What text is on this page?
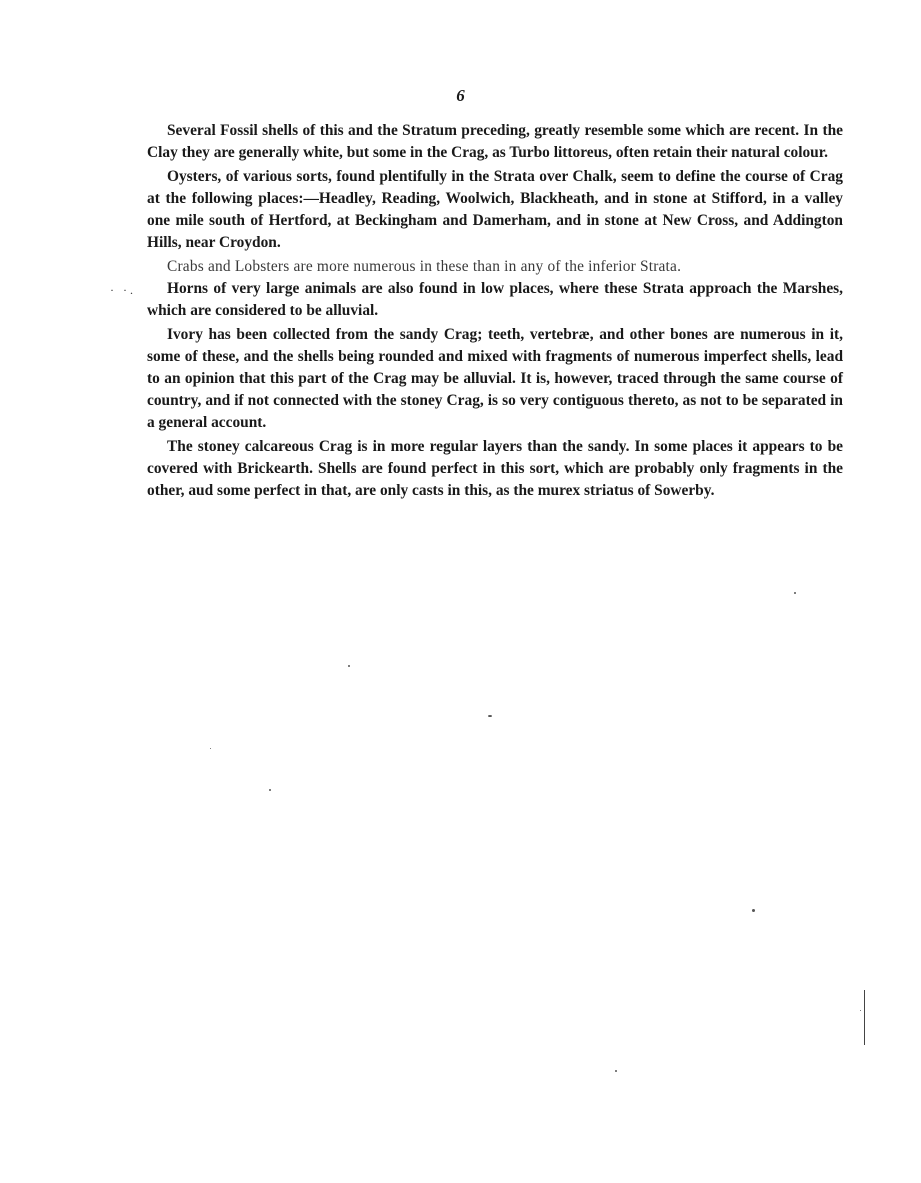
6
· ·.

Several Fossil shells of this and the Stratum preceding, greatly resemble some which are recent. In the Clay they are generally white, but some in the Crag, as Turbo littoreus, often retain their natural colour.

Oysters, of various sorts, found plentifully in the Strata over Chalk, seem to define the course of Crag at the following places:—Headley, Reading, Woolwich, Blackheath, and in stone at Stifford, in a valley one mile south of Hertford, at Beckingham and Damerham, and in stone at New Cross, and Addington Hills, near Croydon.

Crabs and Lobsters are more numerous in these than in any of the inferior Strata.

Horns of very large animals are also found in low places, where these Strata approach the Marshes, which are considered to be alluvial.

Ivory has been collected from the sandy Crag; teeth, vertebræ, and other bones are numerous in it, some of these, and the shells being rounded and mixed with fragments of numerous imperfect shells, lead to an opinion that this part of the Crag may be alluvial. It is, however, traced through the same course of country, and if not connected with the stoney Crag, is so very contiguous thereto, as not to be separated in a general account.

The stoney calcareous Crag is in more regular layers than the sandy. In some places it appears to be covered with Brickearth. Shells are found perfect in this sort, which are probably only fragments in the other, aud some perfect in that, are only casts in this, as the murex striatus of Sowerby.
